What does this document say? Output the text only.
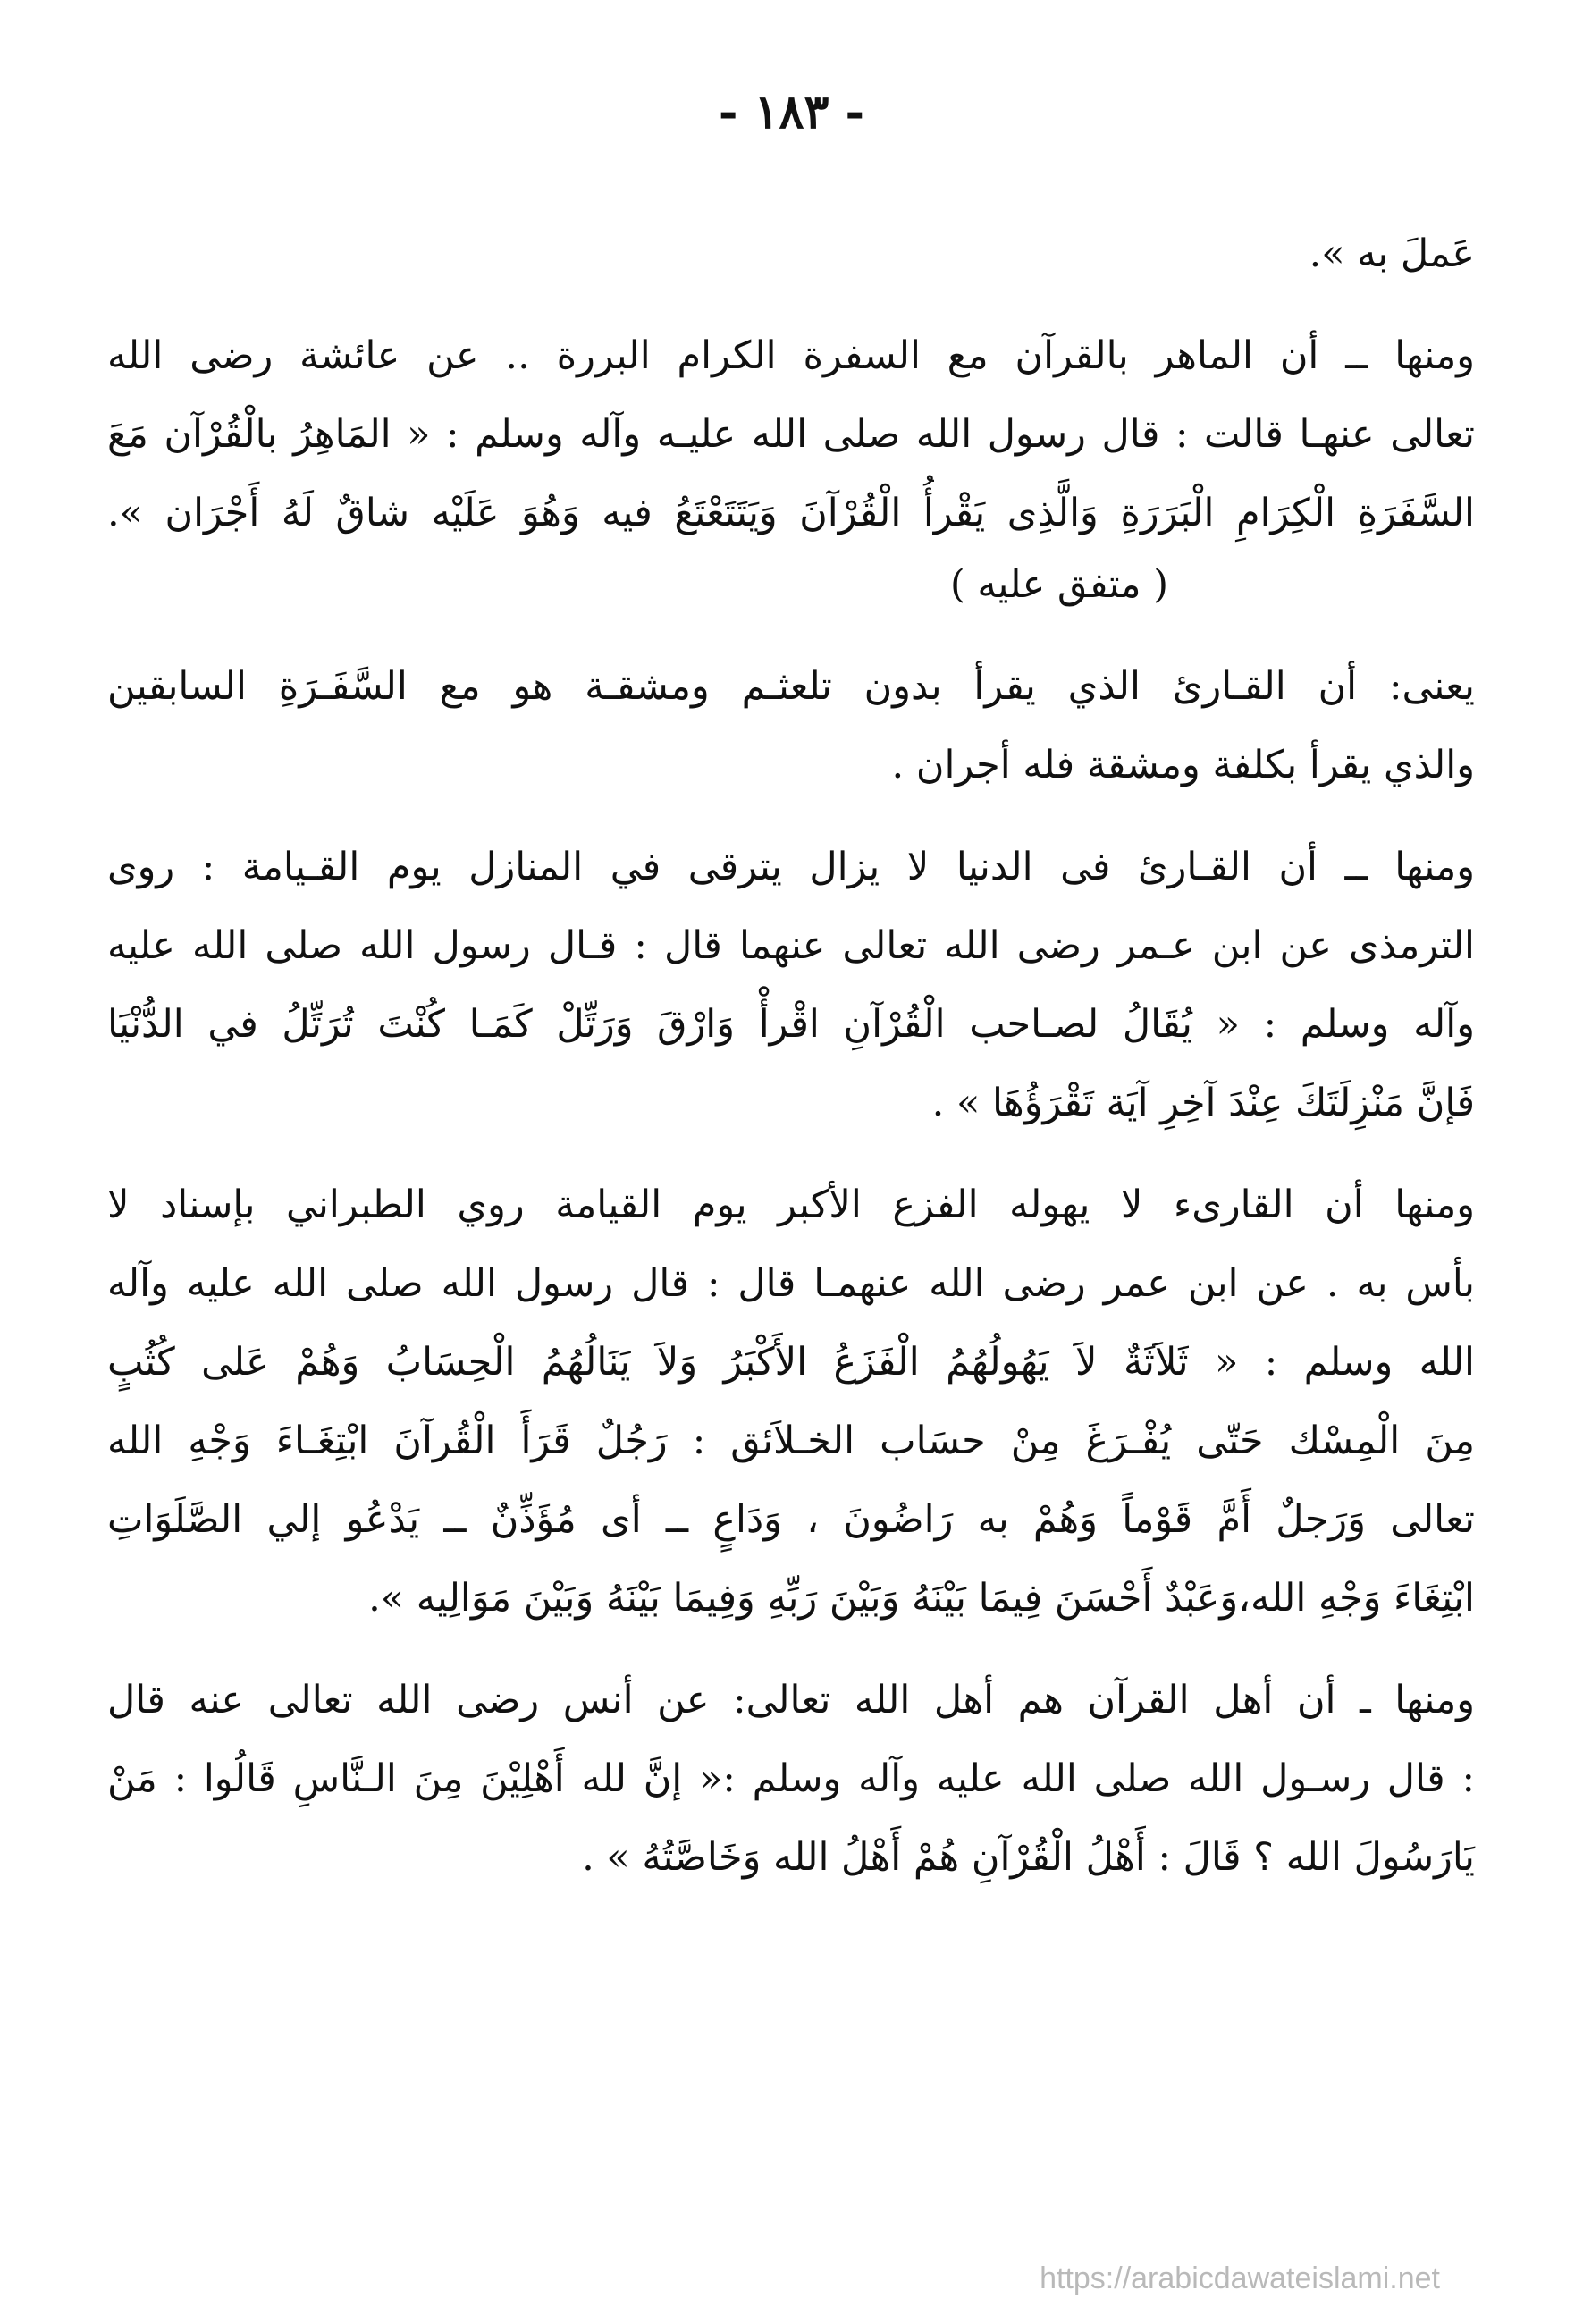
- ١٨٣ -

عَملَ به ».

ومنها ــ أن الماهر بالقرآن مع السفرة الكرام البررة .. عن عائشة رضى الله
تعالى عنهـا قالت : قال رسول الله صلى الله عليـه وآله وسلم : « المَاهِرُ بالْقُرْآن مَعَ
السَّفَرَةِ الْكِرَامِ الْبَرَرَةِ وَالَّذِى يَقْرأُ الْقُرْآنَ وَيَتَتَعْتَعُ فيه وَهُوَ عَلَيْه شاقٌ لَهُ أَجْرَان ».
( متفق عليه )

يعنى: أن القـارئ الذي يقرأ بدون تلعثـم ومشقـة هو مع السَّفَـرَةِ السابقين
والذي يقرأ بكلفة ومشقة فله أجران .

ومنها ــ أن القـارئ فى الدنيا لا يزال يترقى في المنازل يوم القـيامة : روى
الترمذى عن ابن عـمر رضى الله تعالى عنهما قال : قـال رسول الله صلى الله عليه
وآله وسلم : « يُقَالُ لصـاحب الْقُرْآنِ اقْرأْ وَارْقَ وَرَتِّلْ كَمَـا كُنْتَ تُرَتِّلُ في الدُّنْيَا
فَإنَّ مَنْزِلَتَكَ عِنْدَ آخِرِ آيَة تَقْرَؤُهَا » .

ومنها أن القارىء لا يهوله الفزع الأكبر يوم القيامة روي الطبراني بإسناد لا
بأس به . عن ابن عمر رضى الله عنهمـا قال : قال رسول الله صلى الله عليه وآله
الله وسلم : « ثَلاَثَةٌ لاَ يَهُولُهُمُ الْفَزَعُ الأَكْبَرُ وَلاَ يَنَالُهُمُ الْحِسَابُ وَهُمْ عَلى كُثُبٍ
مِنَ الْمِسْك حَتّى يُفْـرَغَ مِنْ حسَاب الخـلاَئق : رَجُلٌ قَرَأَ الْقُرآنَ ابْتِغَـاءَ وَجْهِ الله
تعالى وَرَجلٌ أَمَّ قَوْماً وَهُمْ به رَاضُونَ ، وَدَاعٍ ــ أى مُؤَذِّنٌ ــ يَدْعُو إلي الصَّلَوَاتِ
ابْتِغَاءَ وَجْهِ الله،وَعَبْدٌ أَحْسَنَ فِيمَا بَيْنَهُ وَبَيْنَ رَبِّهِ وَفِيمَا بَيْنَهُ وَبَيْنَ مَوَالِيه ».

ومنها ـ أن أهل القرآن هم أهل الله تعالى: عن أنس رضى الله تعالى عنه قال
: قال رسـول الله صلى الله عليه وآله وسلم :« إنَّ لله أَهْلِيْنَ مِنَ الـنَّاسِ قَالُوا : مَنْ
يَارَسُولَ الله ؟ قَالَ : أَهْلُ الْقُرْآنِ هُمْ أَهْلُ الله وَخَاصَّتُهُ » .

https://arabicdawateislami.net
